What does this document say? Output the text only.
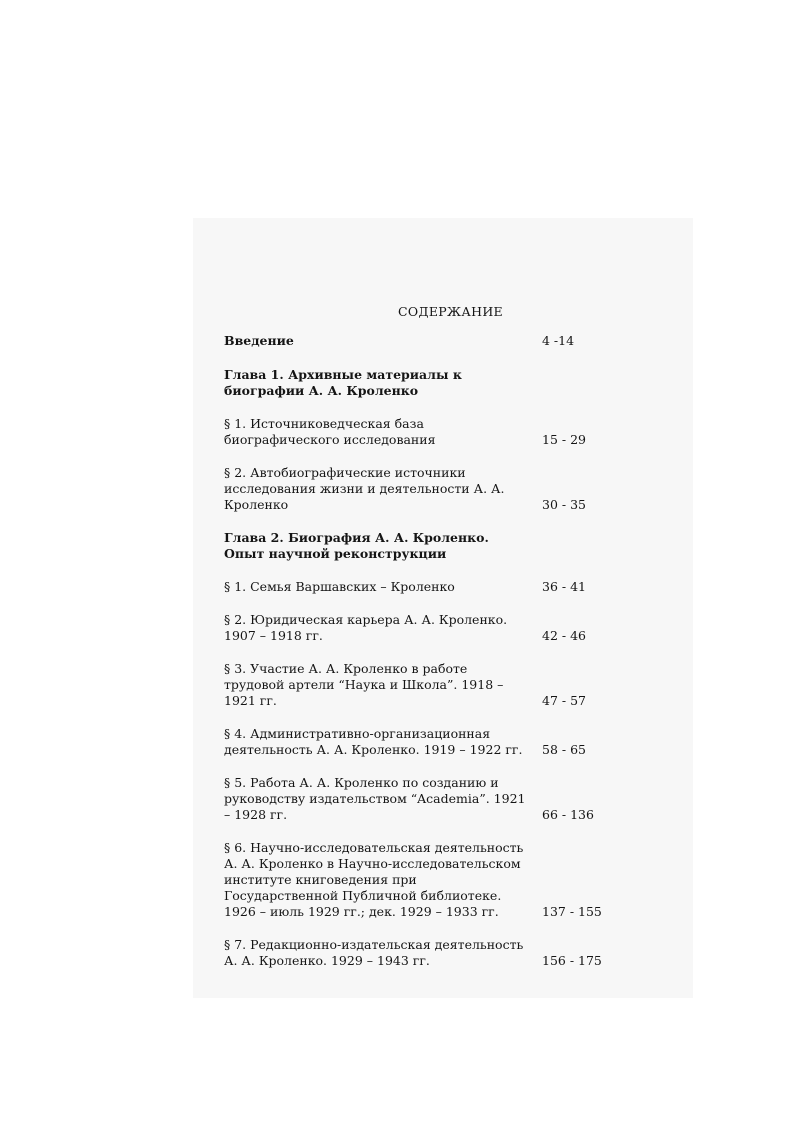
СОДЕРЖАНИЕ
Введение	4 -14
Глава 1. Архивные материалы к биографии А. А. Кроленко
§ 1. Источниковедческая база биографического исследования	15 - 29
§ 2. Автобиографические источники исследования жизни и деятельности А. А. Кроленко	30 - 35
Глава 2. Биография А. А. Кроленко. Опыт научной реконструкции
§ 1. Семья Варшавских – Кроленко	36 - 41
§ 2. Юридическая карьера А. А. Кроленко. 1907 – 1918 гг.	42 - 46
§ 3. Участие А. А. Кроленко в работе трудовой артели “Наука и Школа”. 1918 – 1921 гг.	47 - 57
§ 4. Административно-организационная деятельность А. А. Кроленко. 1919 – 1922 гг.	58 - 65
§ 5. Работа А. А. Кроленко по созданию и руководству издательством “Academia”. 1921 – 1928 гг.	66 - 136
§ 6. Научно-исследовательская деятельность А. А. Кроленко в Научно-исследовательском институте книговедения при Государственной Публичной библиотеке. 1926 – июль 1929 гг.; дек. 1929 – 1933 гг.	137 - 155
§ 7. Редакционно-издательская деятельность А. А. Кроленко. 1929 – 1943 гг.	156 - 175
